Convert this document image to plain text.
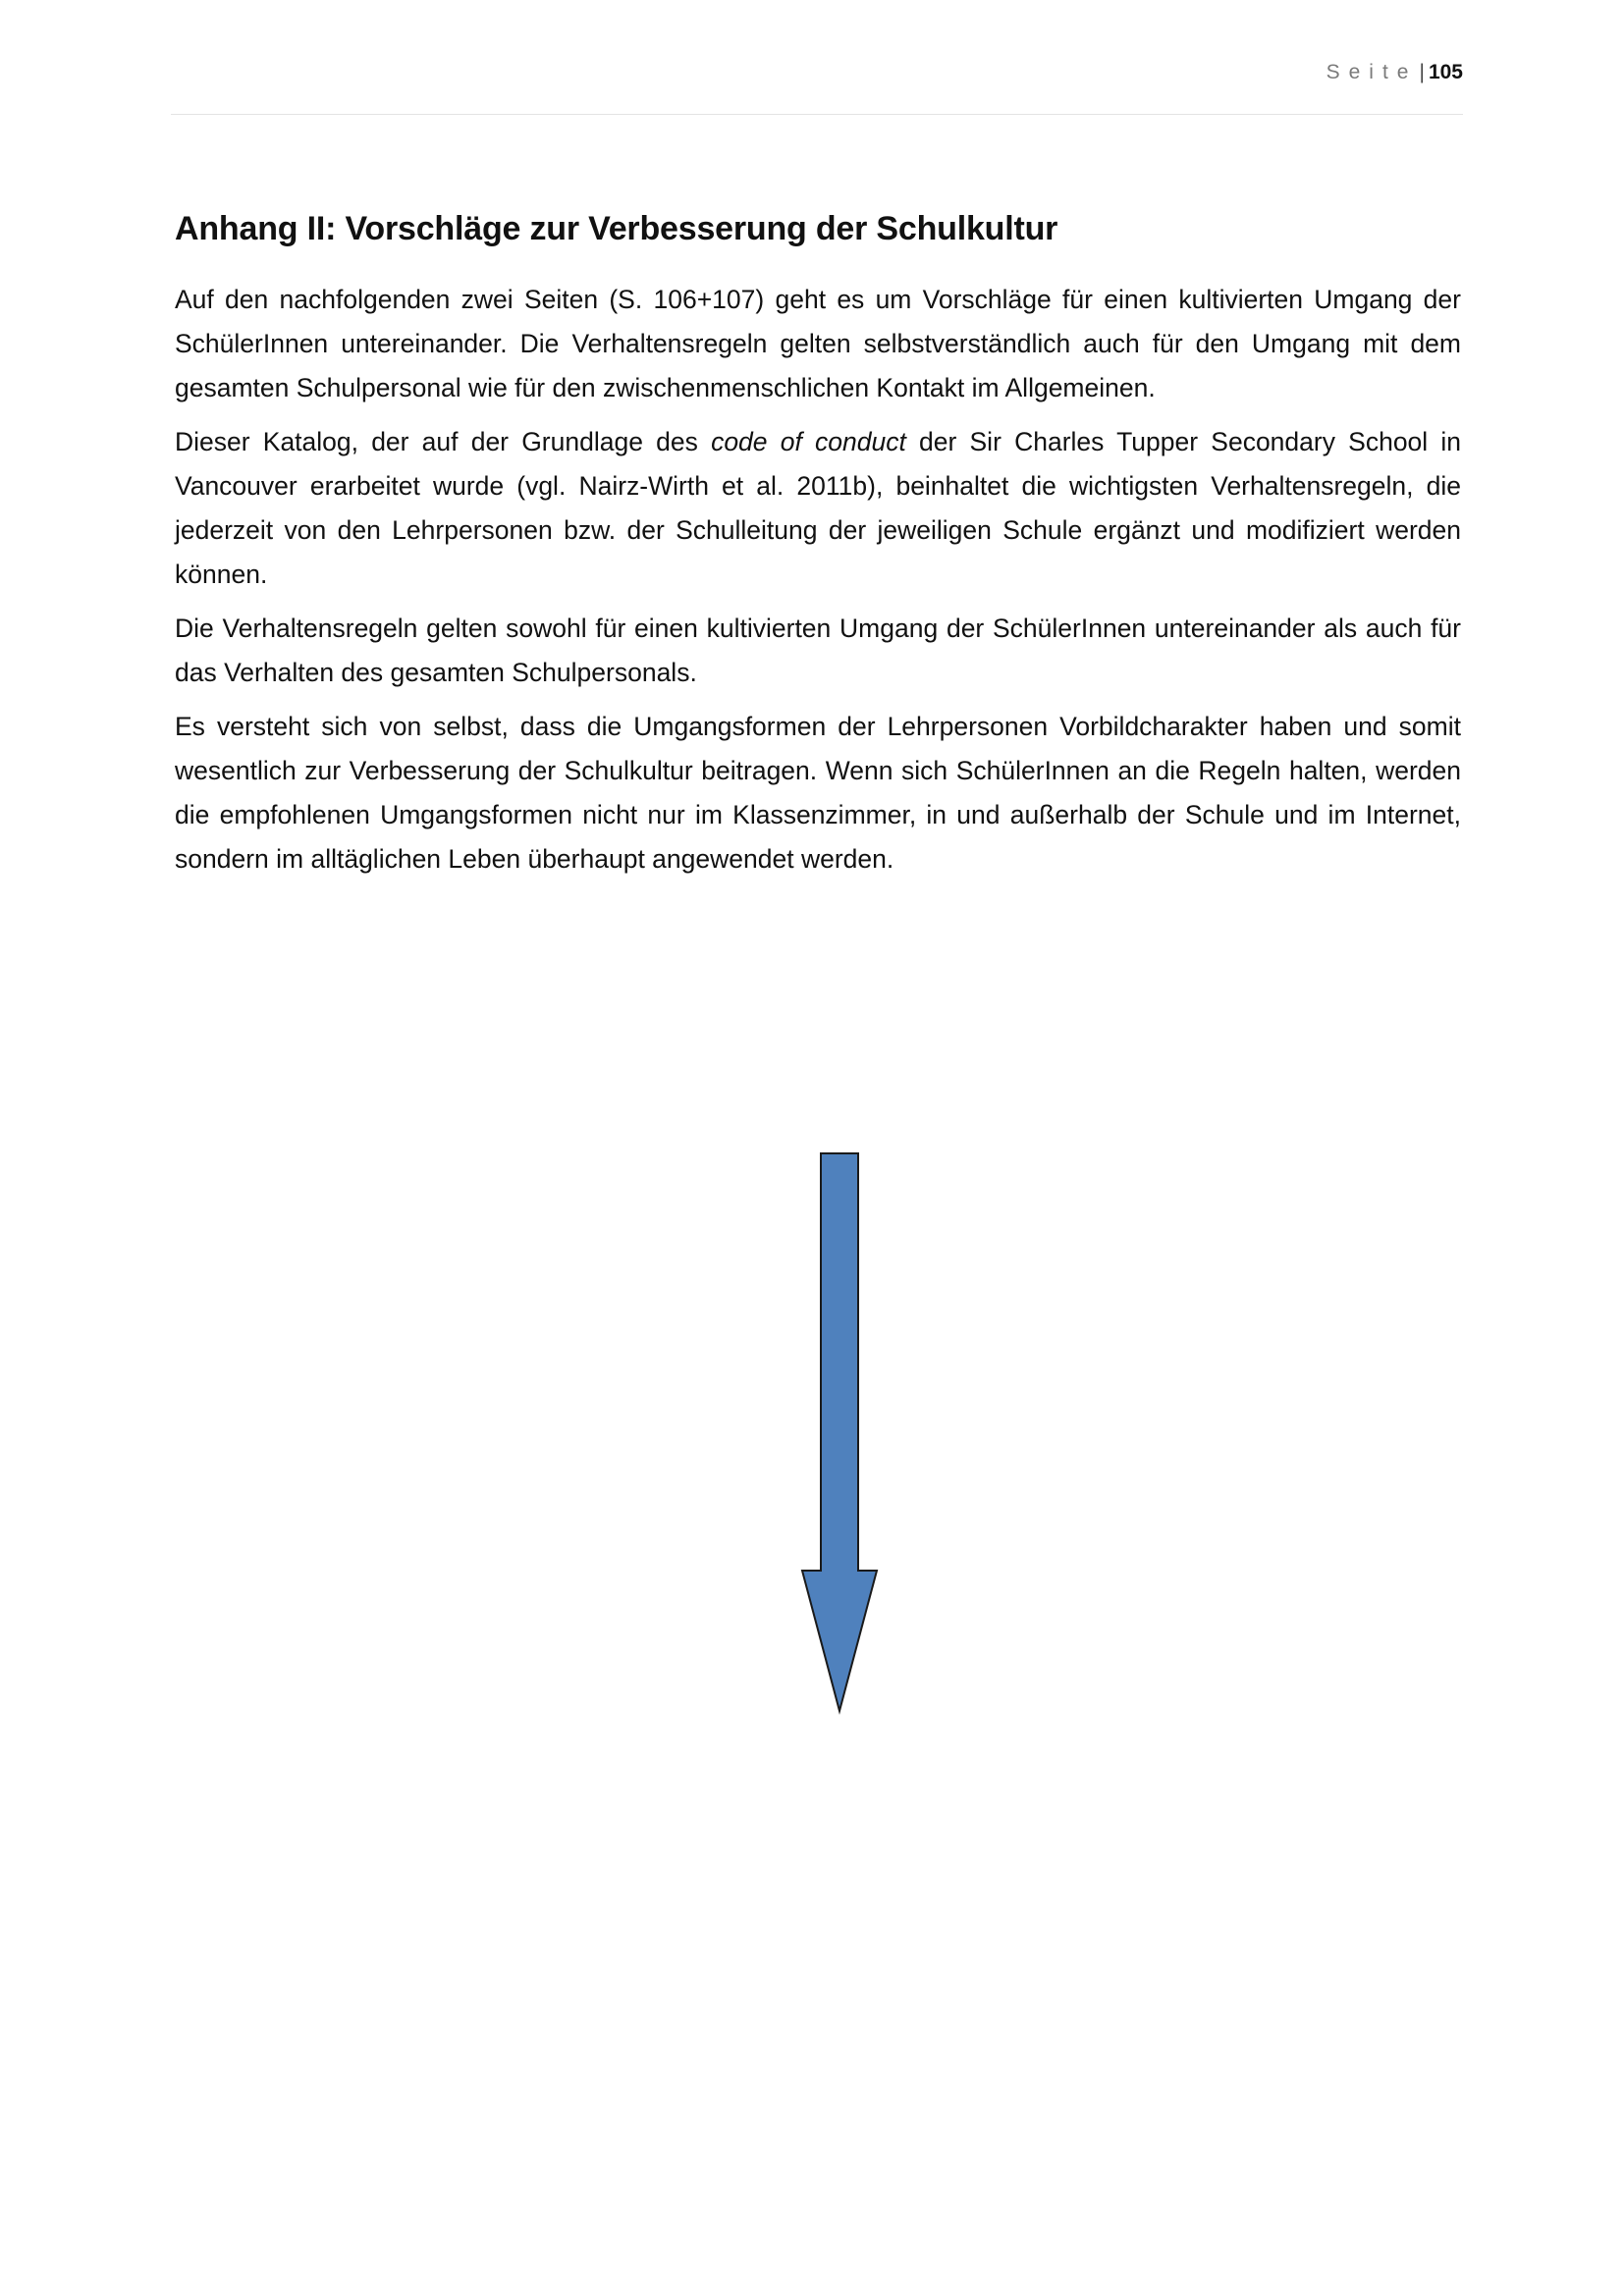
Seite| 105
Anhang II: Vorschläge zur Verbesserung der Schulkultur

Auf den nachfolgenden zwei Seiten (S. 106+107) geht es um Vorschläge für einen kultivierten Umgang der SchülerInnen untereinander. Die Verhaltensregeln gelten selbstverständlich auch für den Umgang mit dem gesamten Schulpersonal wie für den zwischenmenschlichen Kontakt im Allgemeinen.

Dieser Katalog, der auf der Grundlage des code of conduct der Sir Charles Tupper Secondary School in Vancouver erarbeitet wurde (vgl. Nairz-Wirth et al. 2011b), beinhaltet die wichtigsten Verhaltensregeln, die jederzeit von den Lehrpersonen bzw. der Schulleitung der jeweiligen Schule ergänzt und modifiziert werden können.

Die Verhaltensregeln gelten sowohl für einen kultivierten Umgang der SchülerInnen untereinander als auch für das Verhalten des gesamten Schulpersonals.

Es versteht sich von selbst, dass die Umgangsformen der Lehrpersonen Vorbildcharakter haben und somit wesentlich zur Verbesserung der Schulkultur beitragen. Wenn sich SchülerInnen an die Regeln halten, werden die empfohlenen Umgangsformen nicht nur im Klassenzimmer, in und außerhalb der Schule und im Internet, sondern im alltäglichen Leben überhaupt angewendet werden.
